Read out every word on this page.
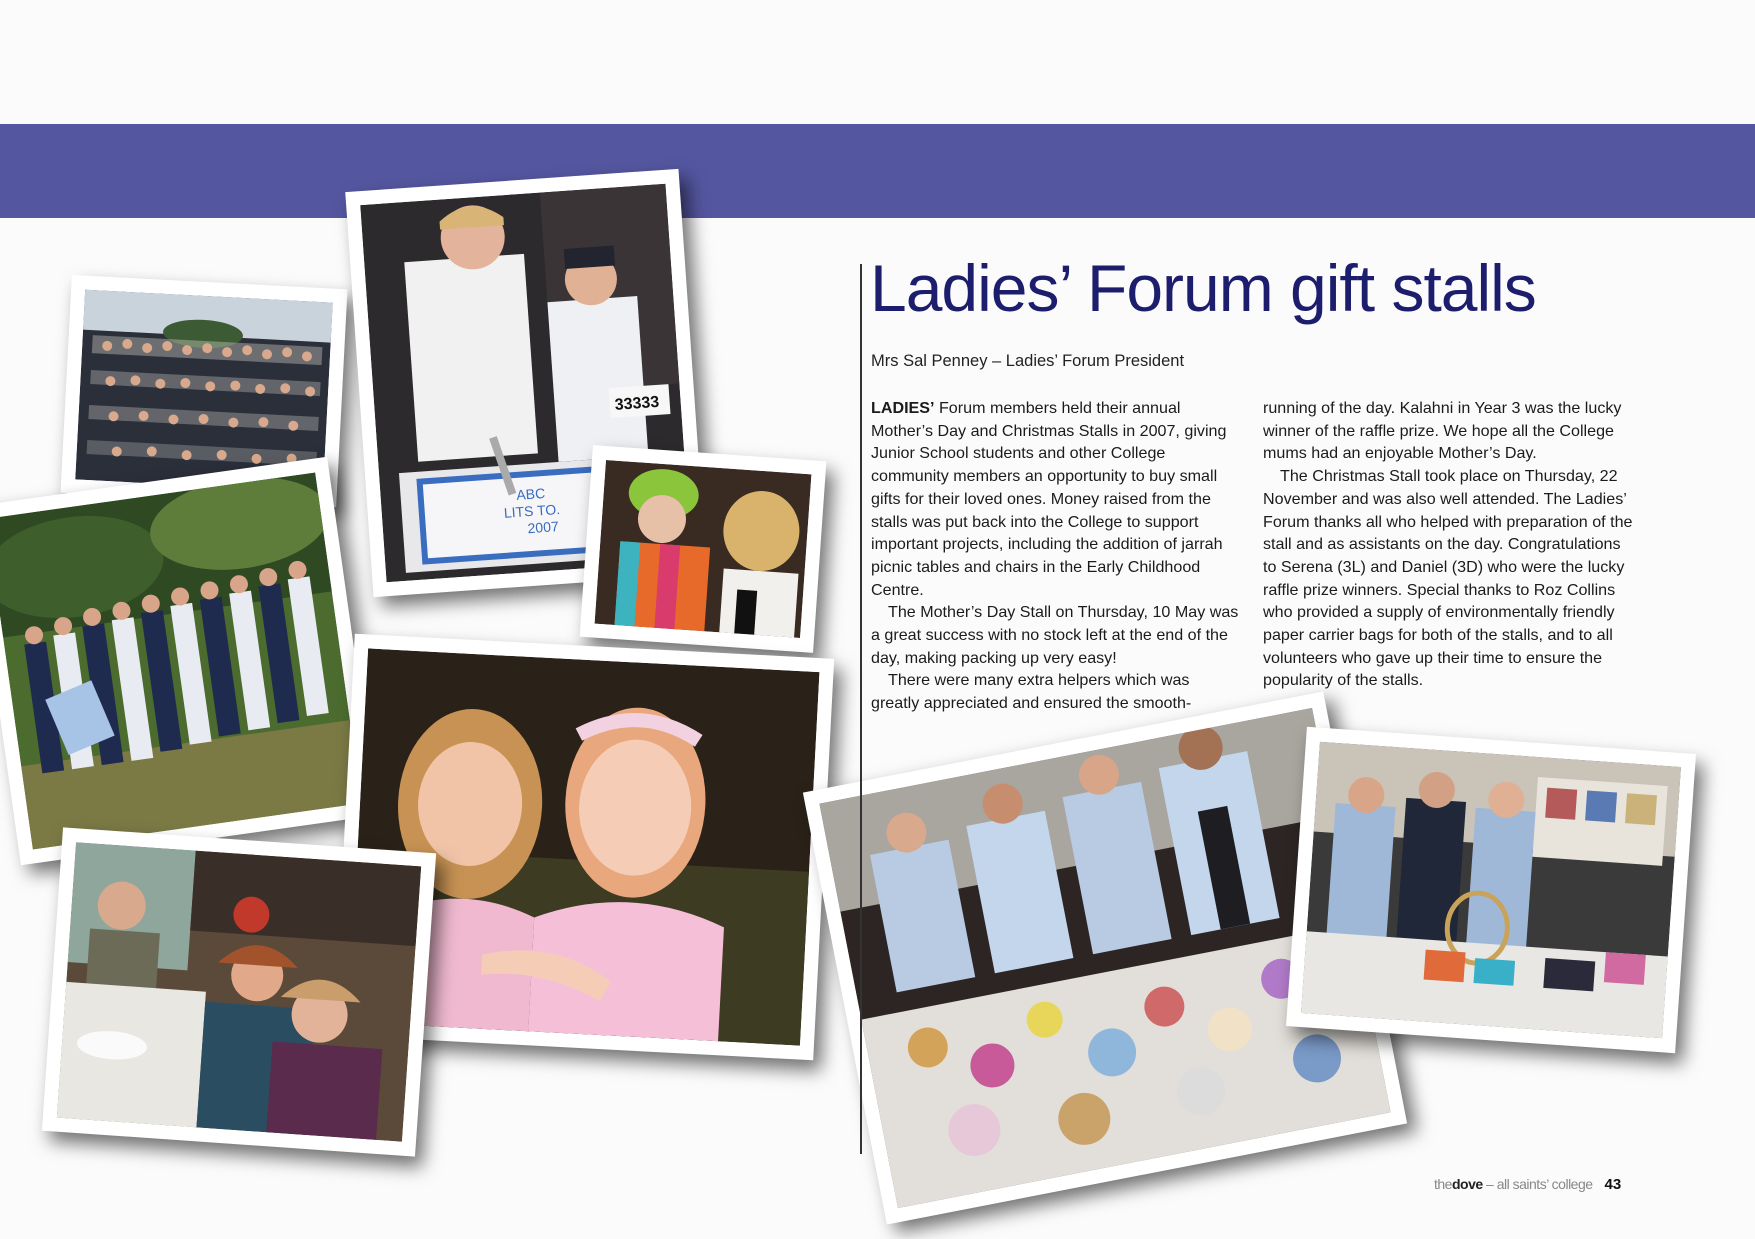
33333
ABC
LITS TO.
2007
Ladies’ Forum gift stalls
Mrs Sal Penney – Ladies’ Forum President

LADIES’ Forum members held their annual Mother’s Day and Christmas Stalls in 2007, giving Junior School students and other College community members an opportunity to buy small gifts for their loved ones. Money raised from the stalls was put back into the College to support important projects, including the addition of jarrah picnic tables and chairs in the Early Childhood Centre.

The Mother’s Day Stall on Thursday, 10 May was a great success with no stock left at the end of the day, making packing up very easy!

There were many extra helpers which was greatly appreciated and ensured the smooth-

running of the day. Kalahni in Year 3 was the lucky winner of the raffle prize. We hope all the College mums had an enjoyable Mother’s Day.

The Christmas Stall took place on Thursday, 22 November and was also well attended. The Ladies’ Forum thanks all who helped with preparation of the stall and as assistants on the day. Congratulations to Serena (3L) and Daniel (3D) who were the lucky raffle prize winners. Special thanks to Roz Collins who provided a supply of environmentally friendly paper carrier bags for both of the stalls, and to all volunteers who gave up their time to ensure the popularity of the stalls.

thedove – all saints’ college 43
